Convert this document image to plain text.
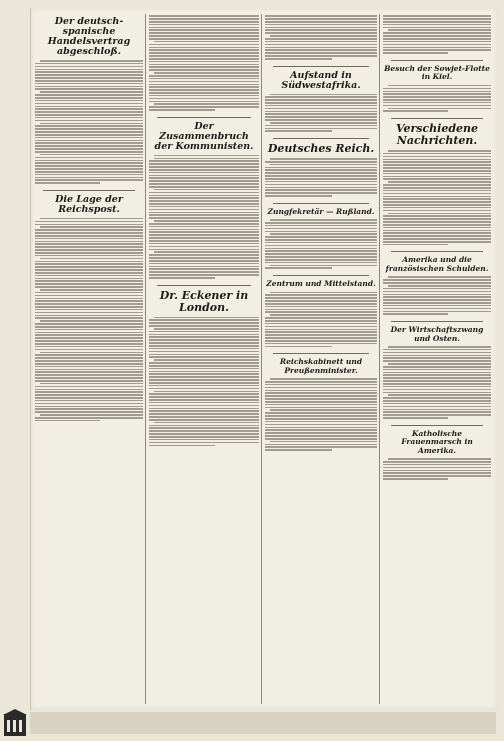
Der deutsch-spanische Handelsvertrag abgeschloß.
Die Lage der Reichspost.
Der Zusammenbruch der Kommunisten.
Dr. Eckener in London.
Aufstand in Südwestafrika.
Deutsches Reich.
Zungfekretär — Rußland.
Zentrum und Mittelstand.
Reichskabinett und Preußenminister.
Besuch der Sowjet-Flotte in Kiel.
Verschiedene Nachrichten.
Amerika und die französischen Schulden.
Der Wirtschaftszwang und Osten.
Katholische Frauenmarsch in Amerika.
